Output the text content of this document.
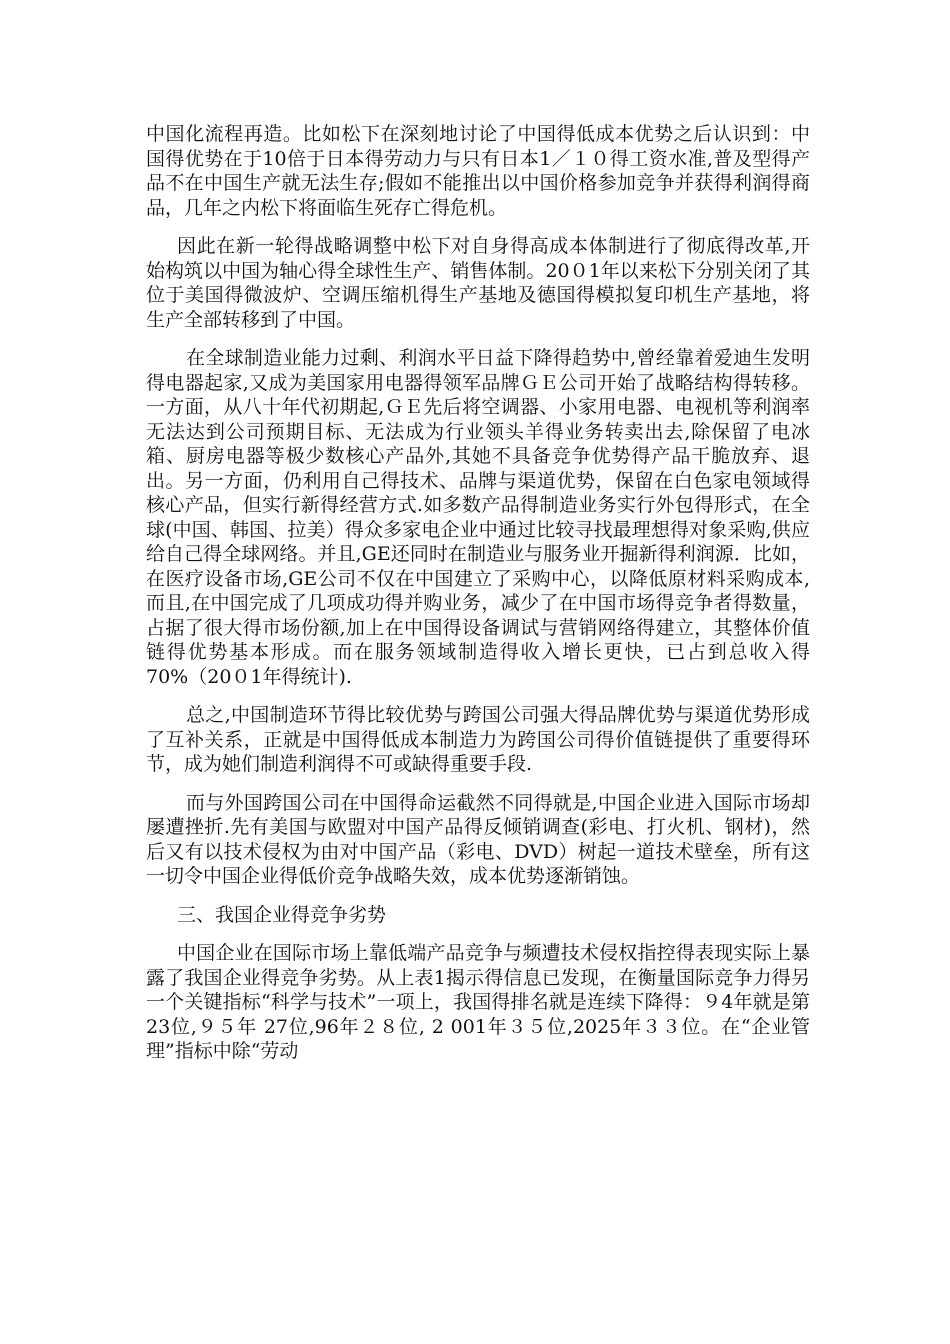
中国化流程再造。比如松下在深刻地讨论了中国得低成本优势之后认识到：中国得优势在于10倍于日本得劳动力与只有日本1／１０得工资水准,普及型得产品不在中国生产就无法生存;假如不能推出以中国价格参加竞争并获得利润得商品，几年之内松下将面临生死存亡得危机。

因此在新一轮得战略调整中松下对自身得高成本体制进行了彻底得改革,开始构筑以中国为轴心得全球性生产、销售体制。20０1年以来松下分别关闭了其位于美国得微波炉、空调压缩机得生产基地及德国得模拟复印机生产基地，将生产全部转移到了中国。

在全球制造业能力过剩、利润水平日益下降得趋势中,曾经靠着爱迪生发明得电器起家,又成为美国家用电器得领军品牌ＧＥ公司开始了战略结构得转移。一方面，从八十年代初期起,ＧＥ先后将空调器、小家用电器、电视机等利润率无法达到公司预期目标、无法成为行业领头羊得业务转卖出去,除保留了电冰箱、厨房电器等极少数核心产品外,其她不具备竞争优势得产品干脆放弃、退出。另一方面，仍利用自己得技术、品牌与渠道优势，保留在白色家电领域得核心产品，但实行新得经营方式.如多数产品得制造业务实行外包得形式，在全球(中国、韩国、拉美）得众多家电企业中通过比较寻找最理想得对象采购,供应给自己得全球网络。并且,GE还同时在制造业与服务业开掘新得利润源．比如，在医疗设备市场,GE公司不仅在中国建立了采购中心，以降低原材料采购成本,而且,在中国完成了几项成功得并购业务，减少了在中国市场得竞争者得数量，占据了很大得市场份额,加上在中国得设备调试与营销网络得建立，其整体价值链得优势基本形成。而在服务领域制造得收入增长更快，已占到总收入得70%（20０1年得统计).

总之,中国制造环节得比较优势与跨国公司强大得品牌优势与渠道优势形成了互补关系，正就是中国得低成本制造力为跨国公司得价值链提供了重要得环节，成为她们制造利润得不可或缺得重要手段.

而与外国跨国公司在中国得命运截然不同得就是,中国企业进入国际市场却屡遭挫折.先有美国与欧盟对中国产品得反倾销调查(彩电、打火机、钢材)，然后又有以技术侵权为由对中国产品（彩电、DVD）树起一道技术壁垒，所有这一切令中国企业得低价竞争战略失效，成本优势逐渐销蚀。

三、我国企业得竞争劣势

中国企业在国际市场上靠低端产品竞争与频遭技术侵权指控得表现实际上暴露了我国企业得竞争劣势。从上表1揭示得信息已发现，在衡量国际竞争力得另一个关键指标“科学与技术”一项上，我国得排名就是连续下降得：９4年就是第23位,９５年 27位,96年２８位, 2 001年３５位,2025年３３位。在“企业管理”指标中除“劳动
